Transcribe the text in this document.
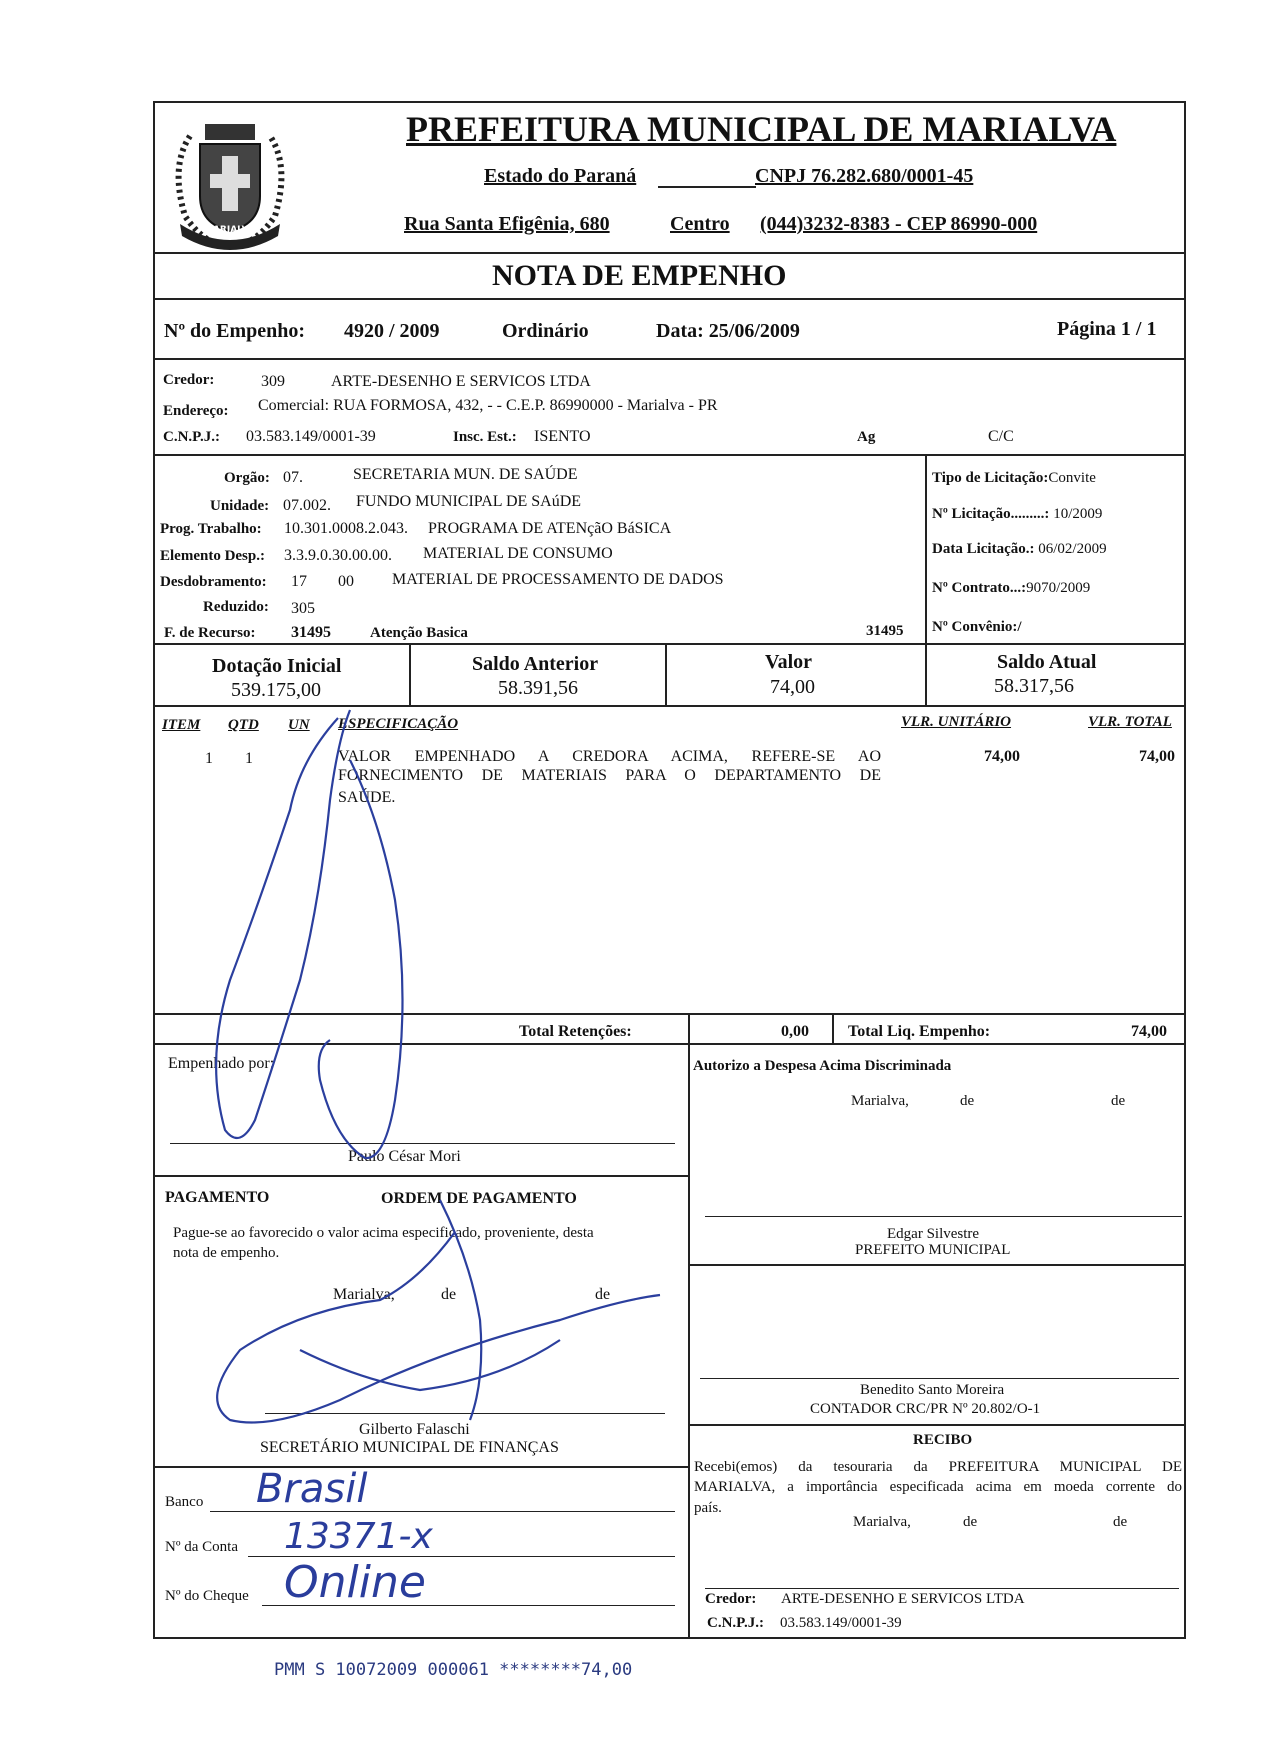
MARIALVA
PREFEITURA MUNICIPAL DE MARIALVA
Estado do Paraná	CNPJ 76.282.680/0001-45
Rua Santa Efigênia, 680	Centro (044)3232-8383 - CEP 86990-000
NOTA DE EMPENHO
Nº do Empenho: 4920 / 2009	Ordinário	Data: 25/06/2009	Página 1 / 1
Credor:	309	ARTE-DESENHO E SERVICOS LTDA
Endereço: Comercial: RUA FORMOSA, 432, - - C.E.P. 86990000 - Marialva - PR
C.N.P.J.: 03.583.149/0001-39	Insc. Est.: ISENTO	Ag	C/C
Orgão: 07.	SECRETARIA MUN. DE SAÚDE
Unidade: 07.002. FUNDO MUNICIPAL DE SAúDE
Prog. Trabalho: 10.301.0008.2.043. PROGRAMA DE ATENçãO BáSICA
Elemento Desp.: 3.3.9.0.30.00.00. MATERIAL DE CONSUMO
Desdobramento: 17 00 MATERIAL DE PROCESSAMENTO DE DADOS
Reduzido: 305
F. de Recurso: 31495	Atenção Basica	31495
Tipo de Licitação:Convite
Nº Licitação.........: 10/2009
Data Licitação.: 06/02/2009
Nº Contrato...:9070/2009
Nº Convênio:/
Dotação Inicial
539.175,00
Saldo Anterior
58.391,56
Valor
74,00
Saldo Atual
58.317,56
ITEM QTD UN ESPECIFICAÇÃO	VLR. UNITÁRIO	VLR. TOTAL
1 1	VALOR EMPENHADO A CREDORA ACIMA, REFERE-SE AO
FORNECIMENTO DE MATERIAIS PARA O DEPARTAMENTO DE
SAÚDE.
74,00	74,00
Total Retenções:	0,00 Total Liq. Empenho:	74,00
Empenhado por:
Paulo César Mori
PAGAMENTO	ORDEM DE PAGAMENTO
Pague-se ao favorecido o valor acima especificado, proveniente, desta
nota de empenho.
Marialva,	de	de
Gilberto Falaschi
SECRETÁRIO MUNICIPAL DE FINANÇAS
Banco Brasil
Nº da Conta 13371-x
Nº do Cheque Online
Autorizo a Despesa Acima Discriminada
Marialva,	de	de
Edgar Silvestre
PREFEITO MUNICIPAL
Benedito Santo Moreira
CONTADOR CRC/PR Nº 20.802/O-1
RECIBO
Recebi(emos) da tesouraria da PREFEITURA MUNICIPAL DE
MARIALVA, a importância especificada acima em moeda corrente do
país.
Marialva,	de	de
Credor: ARTE-DESENHO E SERVICOS LTDA
C.N.P.J.: 03.583.149/0001-39
PMM S 10072009 000061 ********74,00
